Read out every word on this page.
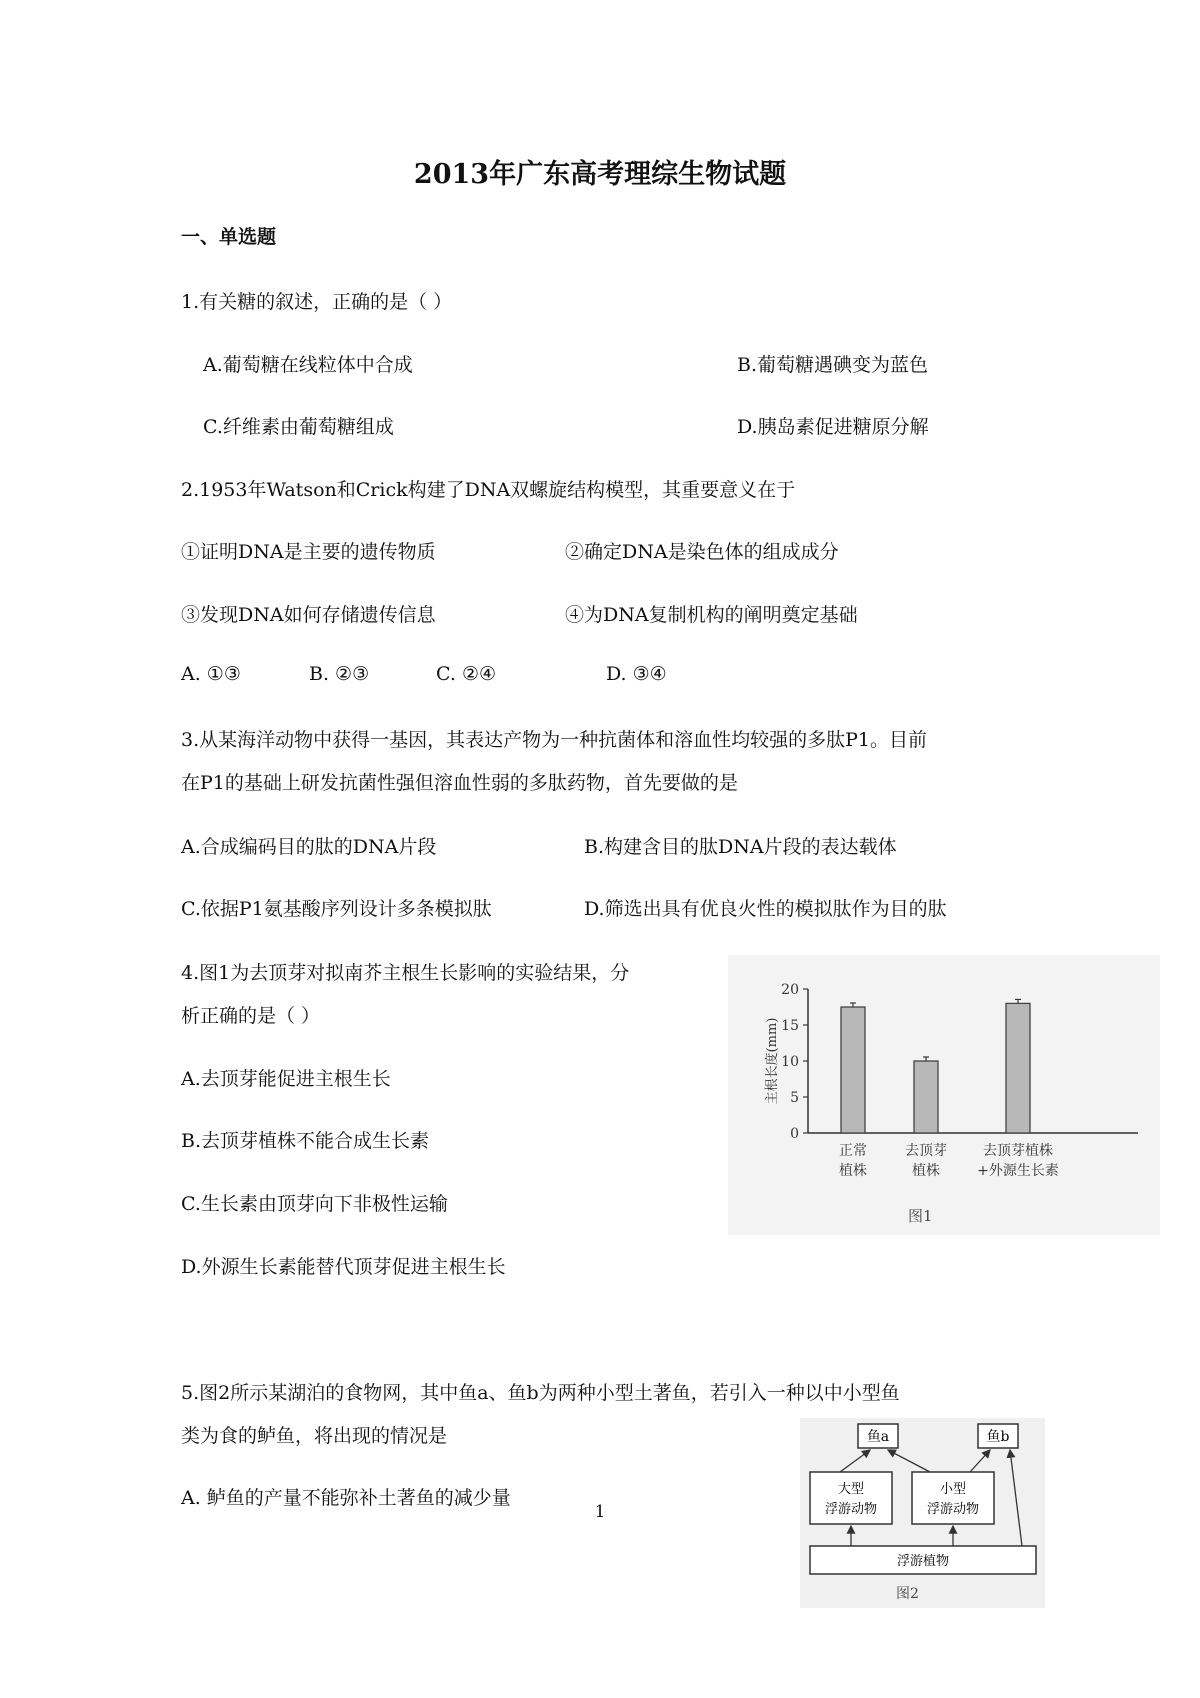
2013年广东高考理综生物试题
一、单选题
1.有关糖的叙述，正确的是（ ）
A.葡萄糖在线粒体中合成	B.葡萄糖遇碘变为蓝色
C.纤维素由葡萄糖组成	D.胰岛素促进糖原分解
2.1953年Watson和Crick构建了DNA双螺旋结构模型，其重要意义在于
①证明DNA是主要的遗传物质	②确定DNA是染色体的组成成分
③发现DNA如何存储遗传信息	④为DNA复制机构的阐明奠定基础
A. ①③	B. ②③	C. ②④	D. ③④
3.从某海洋动物中获得一基因，其表达产物为一种抗菌体和溶血性均较强的多肽P1。目前
在P1的基础上研发抗菌性强但溶血性弱的多肽药物，首先要做的是
A.合成编码目的肽的DNA片段	B.构建含目的肽DNA片段的表达载体
C.依据P1氨基酸序列设计多条模拟肽	D.筛选出具有优良火性的模拟肽作为目的肽
4.图1为去顶芽对拟南芥主根生长影响的实验结果，分
析正确的是（ ）
A.去顶芽能促进主根生长
B.去顶芽植株不能合成生长素
C.生长素由顶芽向下非极性运输
D.外源生长素能替代顶芽促进主根生长
0
5
10
15
20
主根长度(mm)
正常
植株
去顶芽
植株
去顶芽植株
+外源生长素
图1
5.图2所示某湖泊的食物网，其中鱼a、鱼b为两种小型土著鱼，若引入一种以中小型鱼
类为食的鲈鱼，将出现的情况是
A. 鲈鱼的产量不能弥补土著鱼的减少量
鱼a	鱼b
大型
浮游动物
小型
浮游动物
浮游植物
图2
1
